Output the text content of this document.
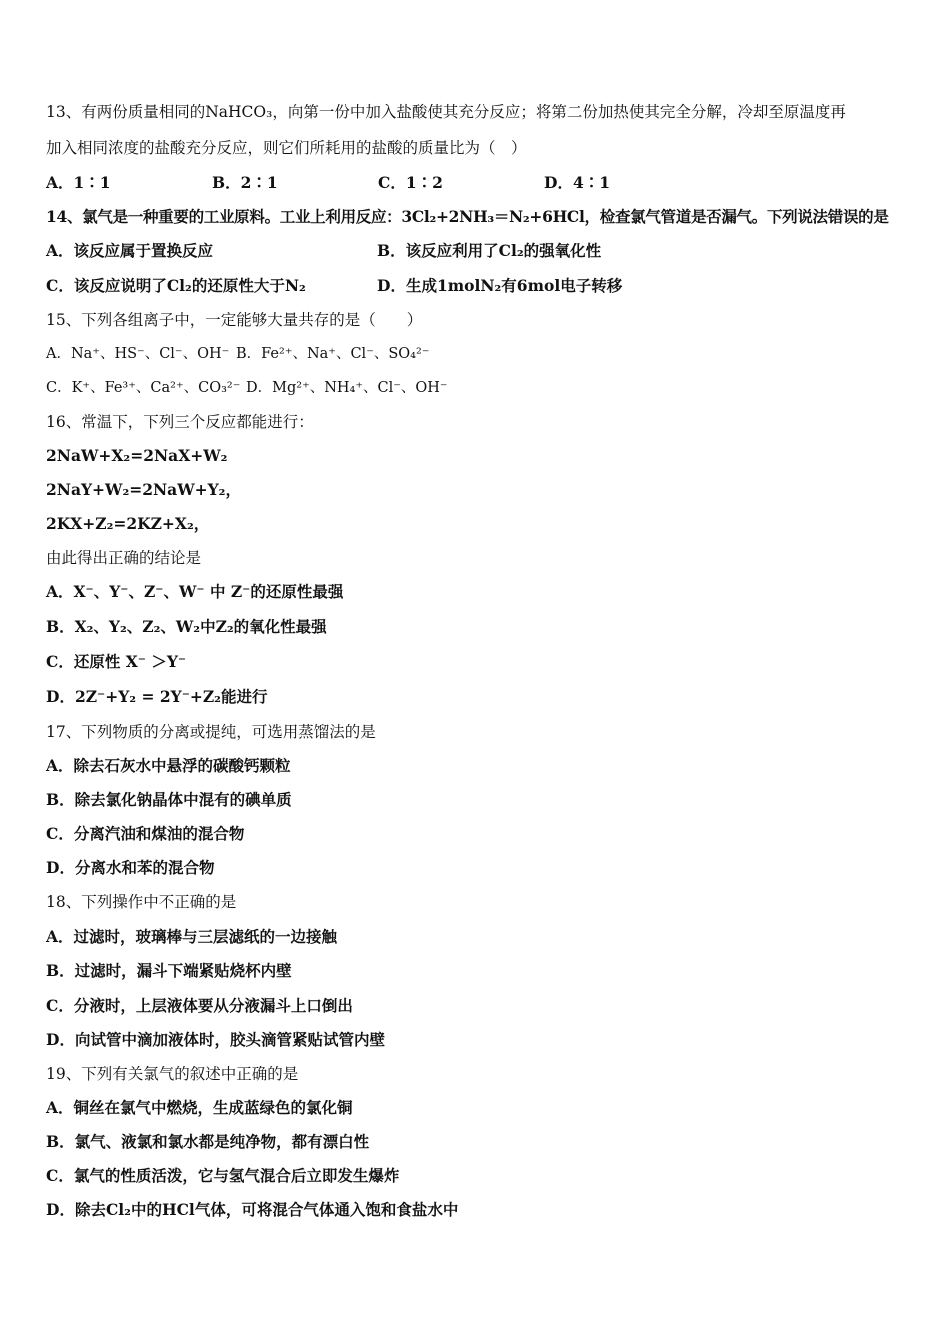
13、有两份质量相同的NaHCO₃，向第一份中加入盐酸使其充分反应；将第二份加热使其完全分解，冷却至原温度再
加入相同浓度的盐酸充分反应，则它们所耗用的盐酸的质量比为（　）
A．1∶1	B．2∶1	C．1∶2	D．4∶1
14、氯气是一种重要的工业原料。工业上利用反应：3Cl₂+2NH₃＝N₂+6HCl，检查氯气管道是否漏气。下列说法错误的是
A．该反应属于置换反应	B．该反应利用了Cl₂的强氧化性
C．该反应说明了Cl₂的还原性大于N₂	D．生成1molN₂有6mol电子转移
15、下列各组离子中，一定能够大量共存的是（　　）
A．Na⁺、HS⁻、Cl⁻、OH⁻ B．Fe²⁺、Na⁺、Cl⁻、SO₄²⁻
C．K⁺、Fe³⁺、Ca²⁺、CO₃²⁻ D．Mg²⁺、NH₄⁺、Cl⁻、OH⁻
16、常温下，下列三个反应都能进行：
2NaW+X₂=2NaX+W₂
2NaY+W₂=2NaW+Y₂，
2KX+Z₂=2KZ+X₂，
由此得出正确的结论是
A．X⁻、Y⁻、Z⁻、W⁻ 中 Z⁻的还原性最强
B．X₂、Y₂、Z₂、W₂中Z₂的氧化性最强
C．还原性 X⁻ ＞Y⁻
D．2Z⁻+Y₂ = 2Y⁻+Z₂能进行
17、下列物质的分离或提纯，可选用蒸馏法的是
A．除去石灰水中悬浮的碳酸钙颗粒
B．除去氯化钠晶体中混有的碘单质
C．分离汽油和煤油的混合物
D．分离水和苯的混合物
18、下列操作中不正确的是
A．过滤时，玻璃棒与三层滤纸的一边接触
B．过滤时，漏斗下端紧贴烧杯内壁
C．分液时，上层液体要从分液漏斗上口倒出
D．向试管中滴加液体时，胶头滴管紧贴试管内壁
19、下列有关氯气的叙述中正确的是
A．铜丝在氯气中燃烧，生成蓝绿色的氯化铜
B．氯气、液氯和氯水都是纯净物，都有漂白性
C．氯气的性质活泼，它与氢气混合后立即发生爆炸
D．除去Cl₂中的HCl气体，可将混合气体通入饱和食盐水中
